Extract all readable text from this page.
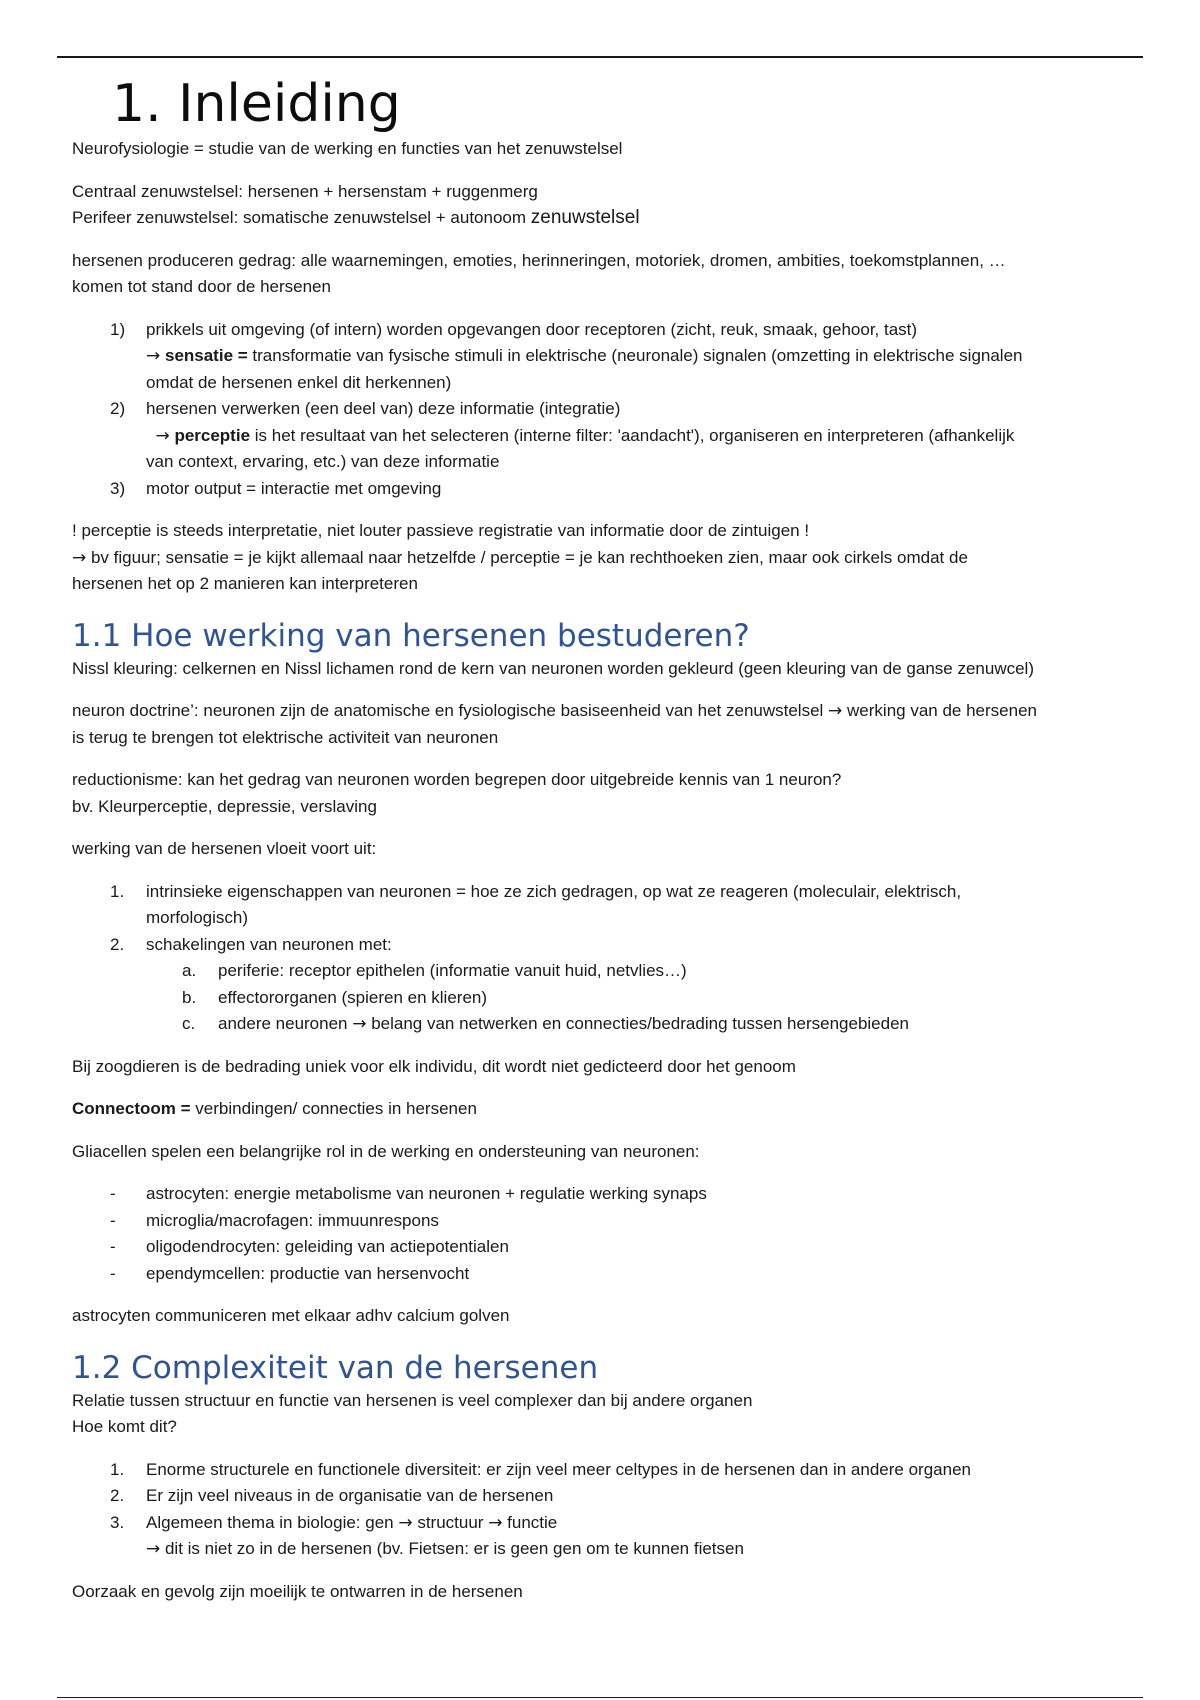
1. Inleiding

Neurofysiologie = studie van de werking en functies van het zenuwstelsel

Centraal zenuwstelsel: hersenen + hersenstam + ruggenmerg

Perifeer zenuwstelsel: somatische zenuwstelsel + autonoom zenuwstelsel

hersenen produceren gedrag: alle waarnemingen, emoties, herinneringen, motoriek, dromen, ambities, toekomstplannen, …

komen tot stand door de hersenen

1) prikkels uit omgeving (of intern) worden opgevangen door receptoren (zicht, reuk, smaak, gehoor, tast)
→ sensatie = transformatie van fysische stimuli in elektrische (neuronale) signalen (omzetting in elektrische signalen
omdat de hersenen enkel dit herkennen)
2) hersenen verwerken (een deel van) deze informatie (integratie)
→ perceptie is het resultaat van het selecteren (interne filter: 'aandacht'), organiseren en interpreteren (afhankelijk
van context, ervaring, etc.) van deze informatie
3) motor output = interactie met omgeving

! perceptie is steeds interpretatie, niet louter passieve registratie van informatie door de zintuigen !

→ bv figuur; sensatie = je kijkt allemaal naar hetzelfde / perceptie = je kan rechthoeken zien, maar ook cirkels omdat de

hersenen het op 2 manieren kan interpreteren

1.1 Hoe werking van hersenen bestuderen?

Nissl kleuring: celkernen en Nissl lichamen rond de kern van neuronen worden gekleurd (geen kleuring van de ganse zenuwcel)

neuron doctrine’: neuronen zijn de anatomische en fysiologische basiseenheid van het zenuwstelsel → werking van de hersenen

is terug te brengen tot elektrische activiteit van neuronen

reductionisme: kan het gedrag van neuronen worden begrepen door uitgebreide kennis van 1 neuron?

bv. Kleurperceptie, depressie, verslaving

werking van de hersenen vloeit voort uit:

1. intrinsieke eigenschappen van neuronen = hoe ze zich gedragen, op wat ze reageren (moleculair, elektrisch,
morfologisch)
2. schakelingen van neuronen met:
a. periferie: receptor epithelen (informatie vanuit huid, netvlies…)
b. effectororganen (spieren en klieren)
c. andere neuronen → belang van netwerken en connecties/bedrading tussen hersengebieden

Bij zoogdieren is de bedrading uniek voor elk individu, dit wordt niet gedicteerd door het genoom

Connectoom = verbindingen/ connecties in hersenen

Gliacellen spelen een belangrijke rol in de werking en ondersteuning van neuronen:

- astrocyten: energie metabolisme van neuronen + regulatie werking synaps
- microglia/macrofagen: immuunrespons
- oligodendrocyten: geleiding van actiepotentialen
- ependymcellen: productie van hersenvocht

astrocyten communiceren met elkaar adhv calcium golven

1.2 Complexiteit van de hersenen

Relatie tussen structuur en functie van hersenen is veel complexer dan bij andere organen

Hoe komt dit?

1. Enorme structurele en functionele diversiteit: er zijn veel meer celtypes in de hersenen dan in andere organen
2. Er zijn veel niveaus in de organisatie van de hersenen
3. Algemeen thema in biologie: gen → structuur → functie
→ dit is niet zo in de hersenen (bv. Fietsen: er is geen gen om te kunnen fietsen

Oorzaak en gevolg zijn moeilijk te ontwarren in de hersenen
